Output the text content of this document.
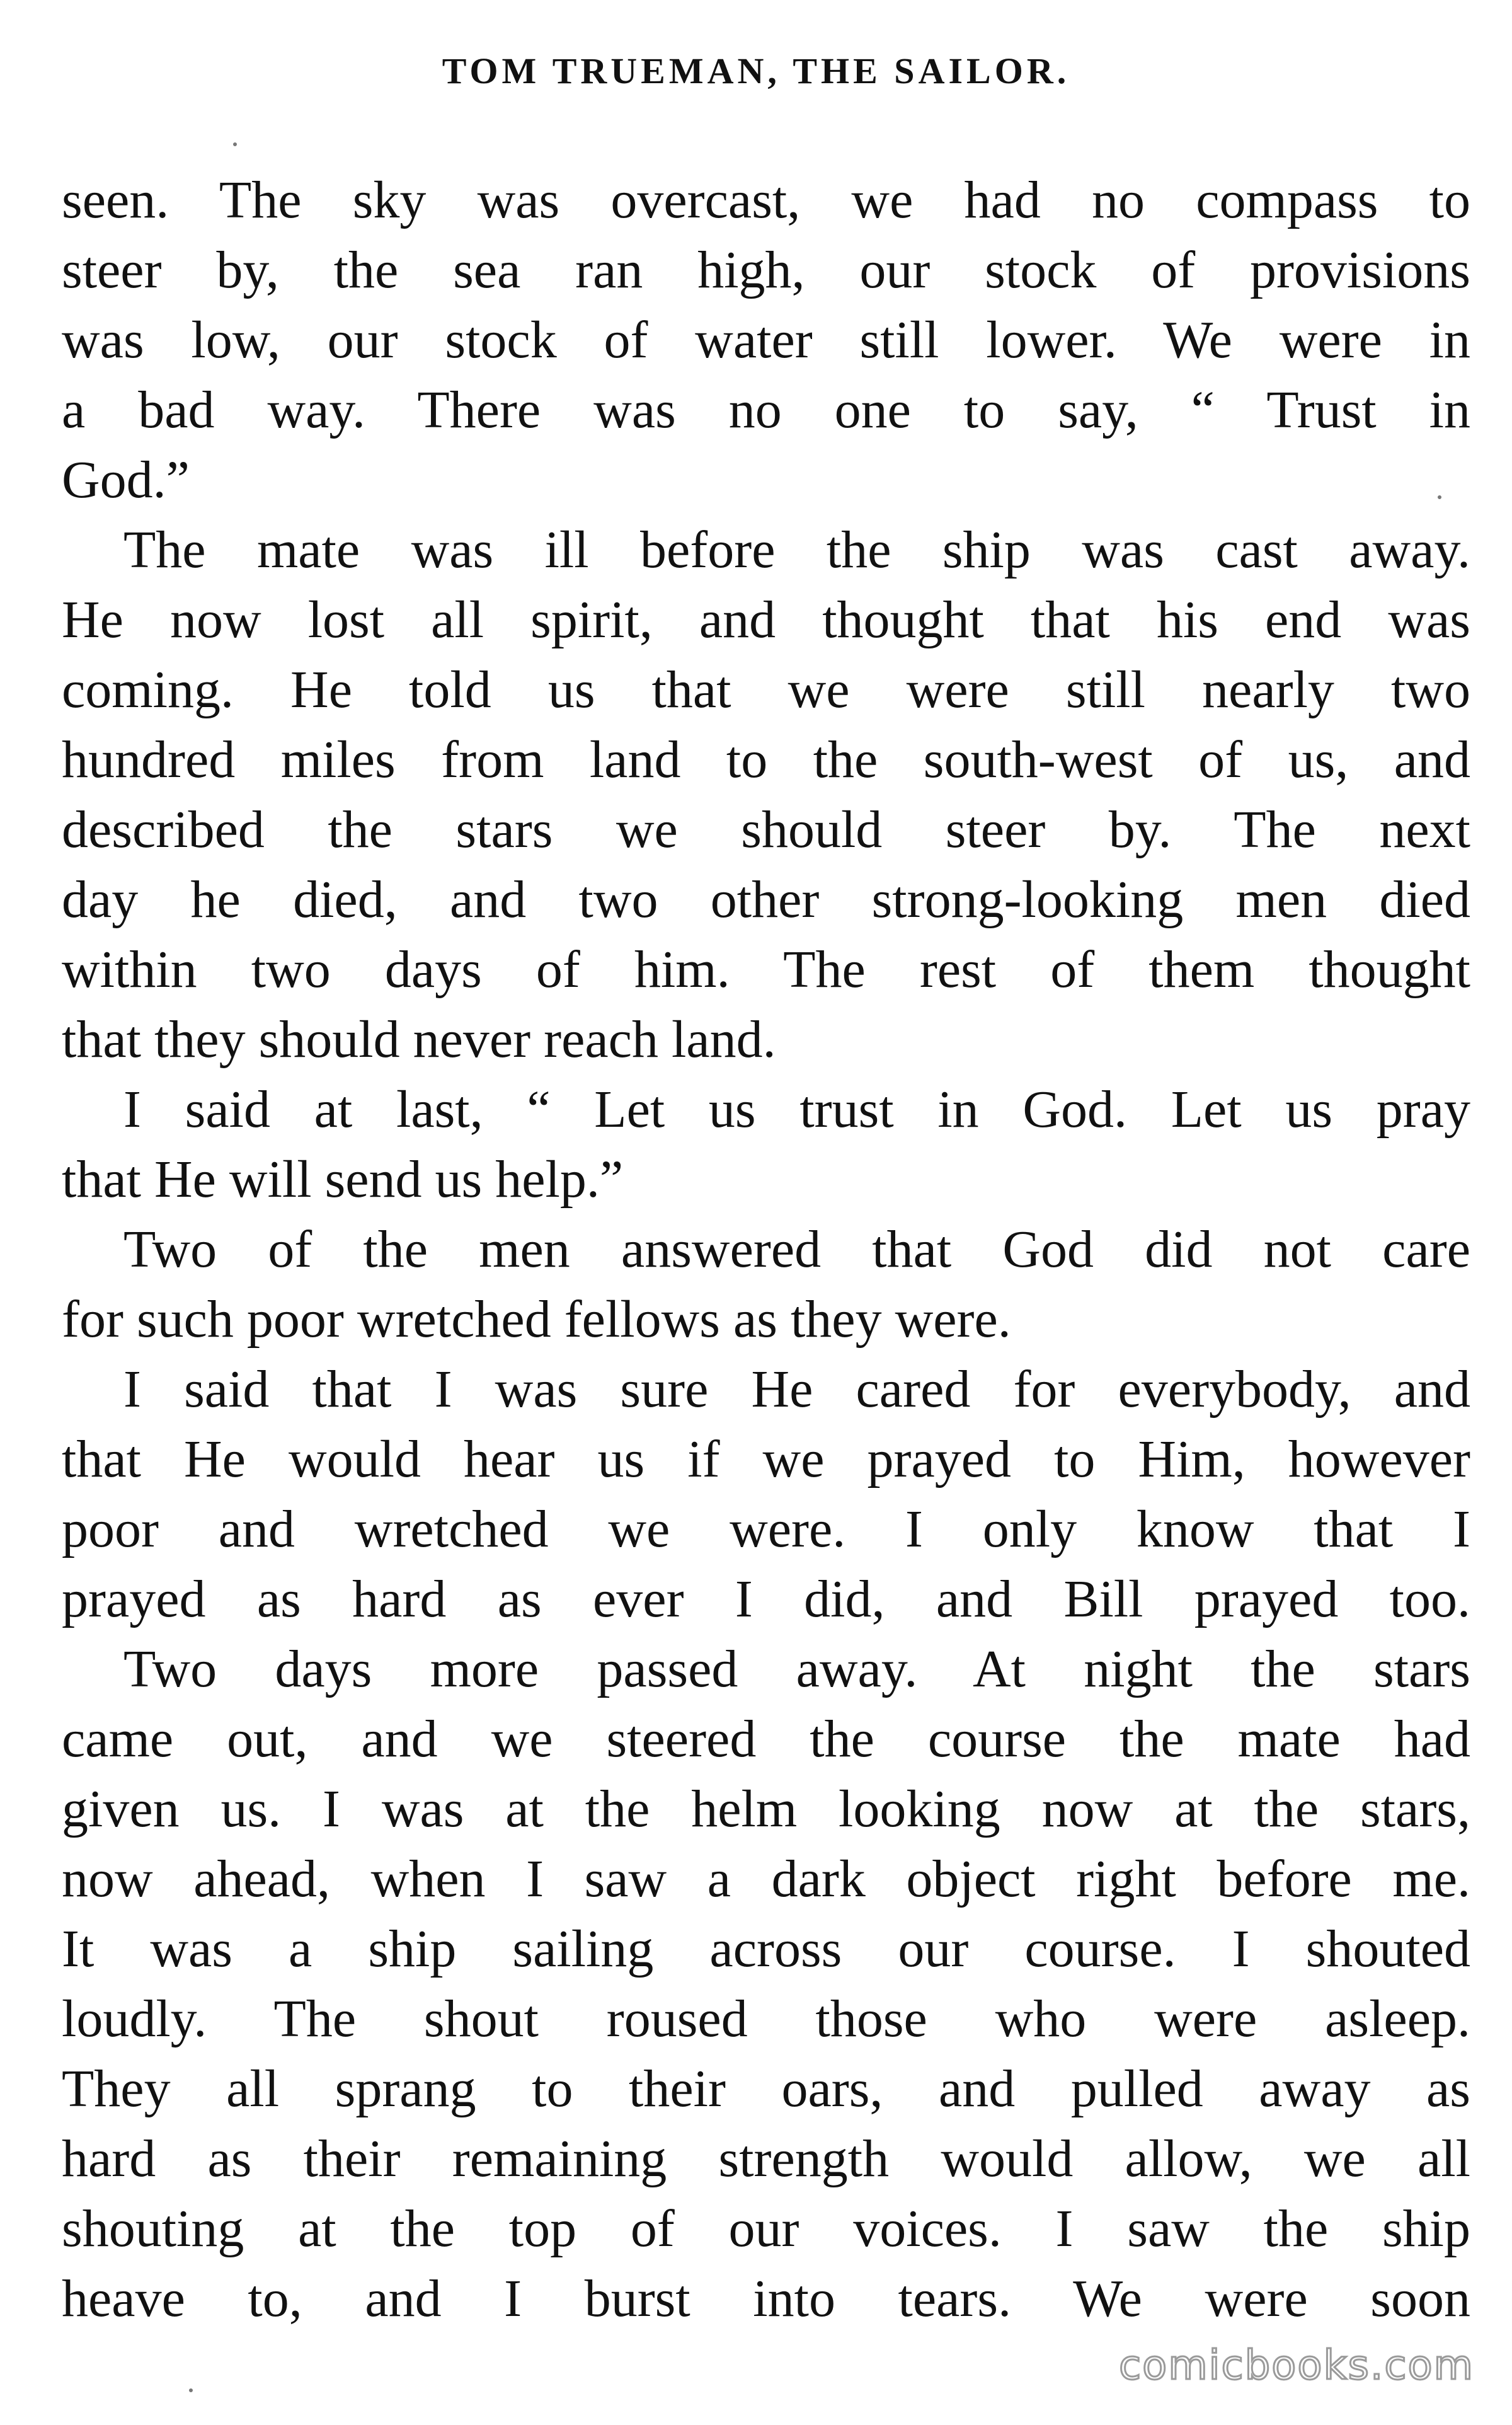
TOM TRUEMAN, THE SAILOR.
seen. The sky was overcast, we had no compass to
steer by, the sea ran high, our stock of provisions
was low, our stock of water still lower. We were in
a bad way. There was no one to say, “ Trust in
God.”
The mate was ill before the ship was cast away.
He now lost all spirit, and thought that his end was
coming. He told us that we were still nearly two
hundred miles from land to the south-west of us, and
described the stars we should steer by. The next
day he died, and two other strong-looking men died
within two days of him. The rest of them thought
that they should never reach land.
I said at last, “ Let us trust in God. Let us pray
that He will send us help.”
Two of the men answered that God did not care
for such poor wretched fellows as they were.
I said that I was sure He cared for everybody, and
that He would hear us if we prayed to Him, however
poor and wretched we were. I only know that I
prayed as hard as ever I did, and Bill prayed too.
Two days more passed away. At night the stars
came out, and we steered the course the mate had
given us. I was at the helm looking now at the stars,
now ahead, when I saw a dark object right before me.
It was a ship sailing across our course. I shouted
loudly. The shout roused those who were asleep.
They all sprang to their oars, and pulled away as
hard as their remaining strength would allow, we all
shouting at the top of our voices. I saw the ship
heave to, and I burst into tears. We were soon
comicbooks.com
